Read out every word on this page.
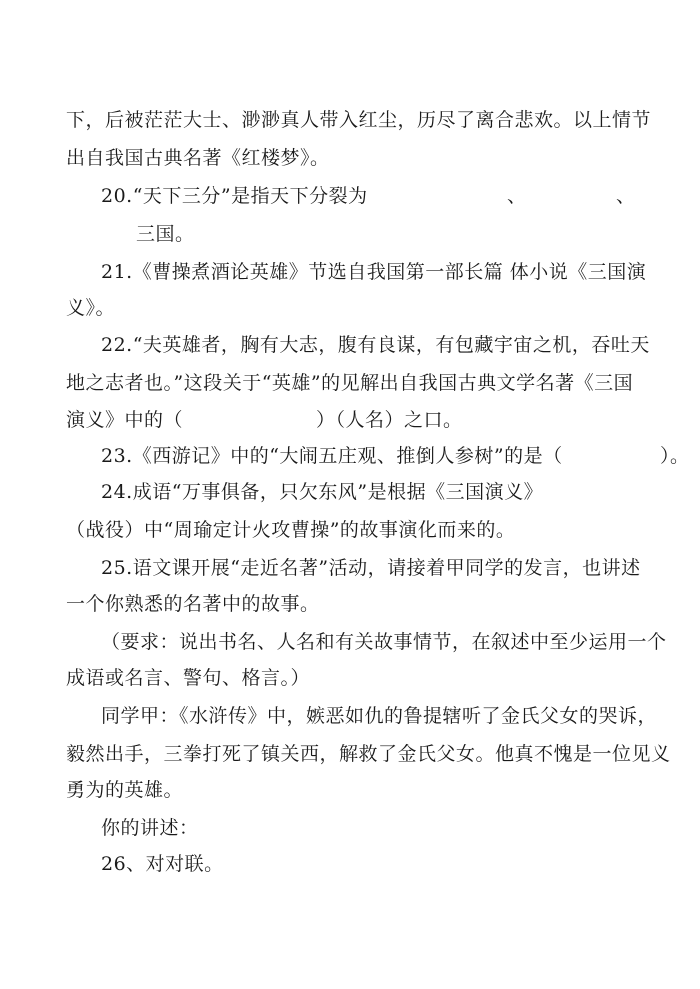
下，后被茫茫大士、渺渺真人带入红尘，历尽了离合悲欢。以上情节
出自我国古典名著《红楼梦》。
20.“天下三分”是指天下分裂为	、	、
三国。
21.《曹操煮酒论英雄》节选自我国第一部长篇 体小说《三国演
义》。
22.“夫英雄者，胸有大志，腹有良谋，有包藏宇宙之机，吞吐天
地之志者也。”这段关于“英雄”的见解出自我国古典文学名著《三国
演义》中的（	）（人名）之口。
23.《西游记》中的“大闹五庄观、推倒人参树”的是（	）。
24.成语“万事俱备，只欠东风”是根据《三国演义》
（战役）中“周瑜定计火攻曹操”的故事演化而来的。
25.语文课开展“走近名著”活动，请接着甲同学的发言，也讲述
一个你熟悉的名著中的故事。
（要求：说出书名、人名和有关故事情节，在叙述中至少运用一个
成语或名言、警句、格言。）
同学甲：《水浒传》中，嫉恶如仇的鲁提辖听了金氏父女的哭诉，
毅然出手，三拳打死了镇关西，解救了金氏父女。他真不愧是一位见义
勇为的英雄。
你的讲述：
26、对对联。
